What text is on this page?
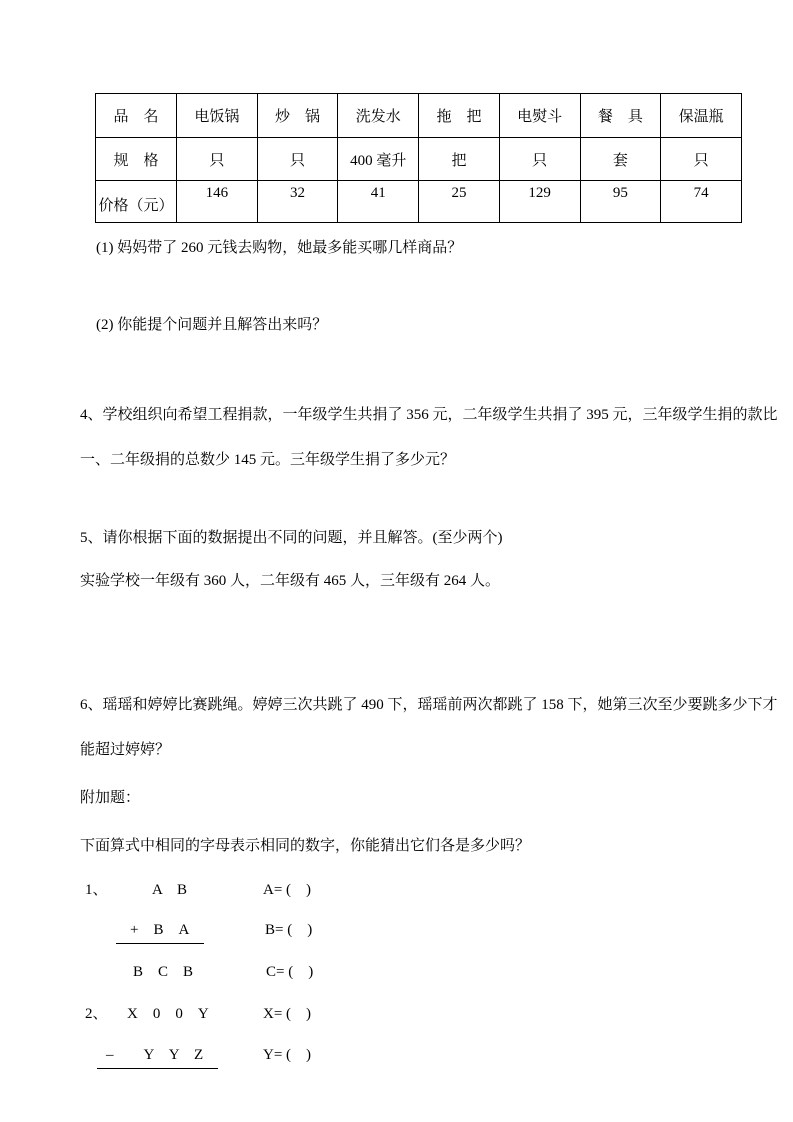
品　名	电饭锅	炒　锅	洗发水	拖　把	电熨斗	餐　具	保温瓶
规　格	只	只	400 毫升	把	只	套	只
价格（元）	146	32	41	25	129	95	74
(1) 妈妈带了 260 元钱去购物，她最多能买哪几样商品？
(2) 你能提个问题并且解答出来吗？
4、学校组织向希望工程捐款，一年级学生共捐了 356 元，二年级学生共捐了 395 元，三年级学生捐的款比
一、二年级捐的总数少 145 元。三年级学生捐了多少元？
5、请你根据下面的数据提出不同的问题，并且解答。(至少两个)
实验学校一年级有 360 人，二年级有 465 人，三年级有 264 人。
6、瑶瑶和婷婷比赛跳绳。婷婷三次共跳了 490 下，瑶瑶前两次都跳了 158 下，她第三次至少要跳多少下才
能超过婷婷？
附加题：
下面算式中相同的字母表示相同的数字，你能猜出它们各是多少吗？
1、	A　B	A= (　)
+　B　A	B= (　)
B　C　B	C= (　)
2、 X　0　0　Y	X= (　)
–　　Y　Y　Z	Y= (　)
